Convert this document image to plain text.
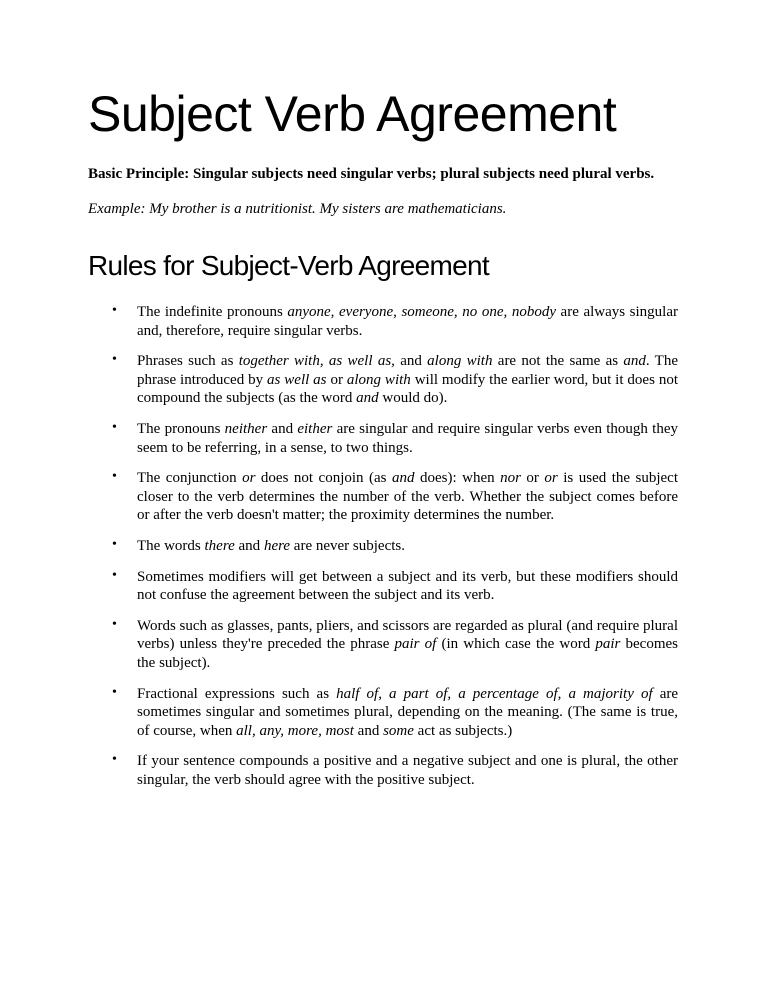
Subject Verb Agreement

Basic Principle: Singular subjects need singular verbs; plural subjects need plural verbs.

Example: My brother is a nutritionist. My sisters are mathematicians.

Rules for Subject-Verb Agreement
• The indefinite pronouns anyone, everyone, someone, no one, nobody are always singular and, therefore, require singular verbs.
• Phrases such as together with, as well as, and along with are not the same as and. The phrase introduced by as well as or along with will modify the earlier word, but it does not compound the subjects (as the word and would do).
• The pronouns neither and either are singular and require singular verbs even though they seem to be referring, in a sense, to two things.
• The conjunction or does not conjoin (as and does): when nor or or is used the subject closer to the verb determines the number of the verb. Whether the subject comes before or after the verb doesn't matter; the proximity determines the number.
• The words there and here are never subjects.
• Sometimes modifiers will get between a subject and its verb, but these modifiers should not confuse the agreement between the subject and its verb.
• Words such as glasses, pants, pliers, and scissors are regarded as plural (and require plural verbs) unless they're preceded the phrase pair of (in which case the word pair becomes the subject).
• Fractional expressions such as half of, a part of, a percentage of, a majority of are sometimes singular and sometimes plural, depending on the meaning. (The same is true, of course, when all, any, more, most and some act as subjects.)
• If your sentence compounds a positive and a negative subject and one is plural, the other singular, the verb should agree with the positive subject.
